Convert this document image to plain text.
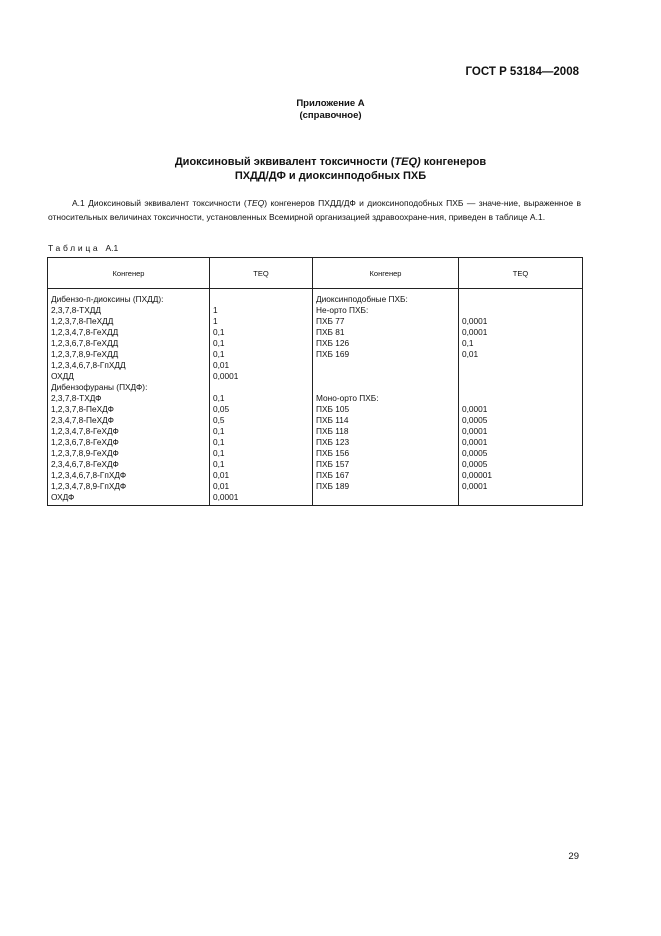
ГОСТ Р 53184—2008
Приложение А
(справочное)
Диоксиновый эквивалент токсичности (TEQ) конгенеров
ПХДД/ДФ и диоксинподобных ПХБ
А.1 Диоксиновый эквивалент токсичности (TEQ) конгенеров ПХДД/ДФ и диоксиноподобных ПХБ — значе-ние, выраженное в относительных величинах токсичности, установленных Всемирной организацией здравоохране-ния, приведен в таблице А.1.
Таблица А.1
Конгенер	TEQ	Конгенер	TEQ
Дибензо-п-диоксины (ПХДД):		Диоксинподобные ПХБ:	
2,3,7,8-ТХДД	1	Не-орто ПХБ:	
1,2,3,7,8-ПеХДД	1	ПХБ 77	0,0001
1,2,3,4,7,8-ГеХДД	0,1	ПХБ 81	0,0001
1,2,3,6,7,8-ГеХДД	0,1	ПХБ 126	0,1
1,2,3,7,8,9-ГеХДД	0,1	ПХБ 169	0,01
1,2,3,4,6,7,8-ГпХДД	0,01		
ОХДД	0,0001		
Дибензофураны (ПХДФ):			
2,3,7,8-ТХДФ	0,1	Моно-орто ПХБ:	
1,2,3,7,8-ПеХДФ	0,05	ПХБ 105	0,0001
2,3,4,7,8-ПеХДФ	0,5	ПХБ 114	0,0005
1,2,3,4,7,8-ГеХДФ	0,1	ПХБ 118	0,0001
1,2,3,6,7,8-ГеХДФ	0,1	ПХБ 123	0,0001
1,2,3,7,8,9-ГеХДФ	0,1	ПХБ 156	0,0005
2,3,4,6,7,8-ГеХДФ	0,1	ПХБ 157	0,0005
1,2,3,4,6,7,8-ГпХДФ	0,01	ПХБ 167	0,00001
1,2,3,4,7,8,9-ГпХДФ	0,01	ПХБ 189	0,0001
ОХДФ	0,0001		
29
